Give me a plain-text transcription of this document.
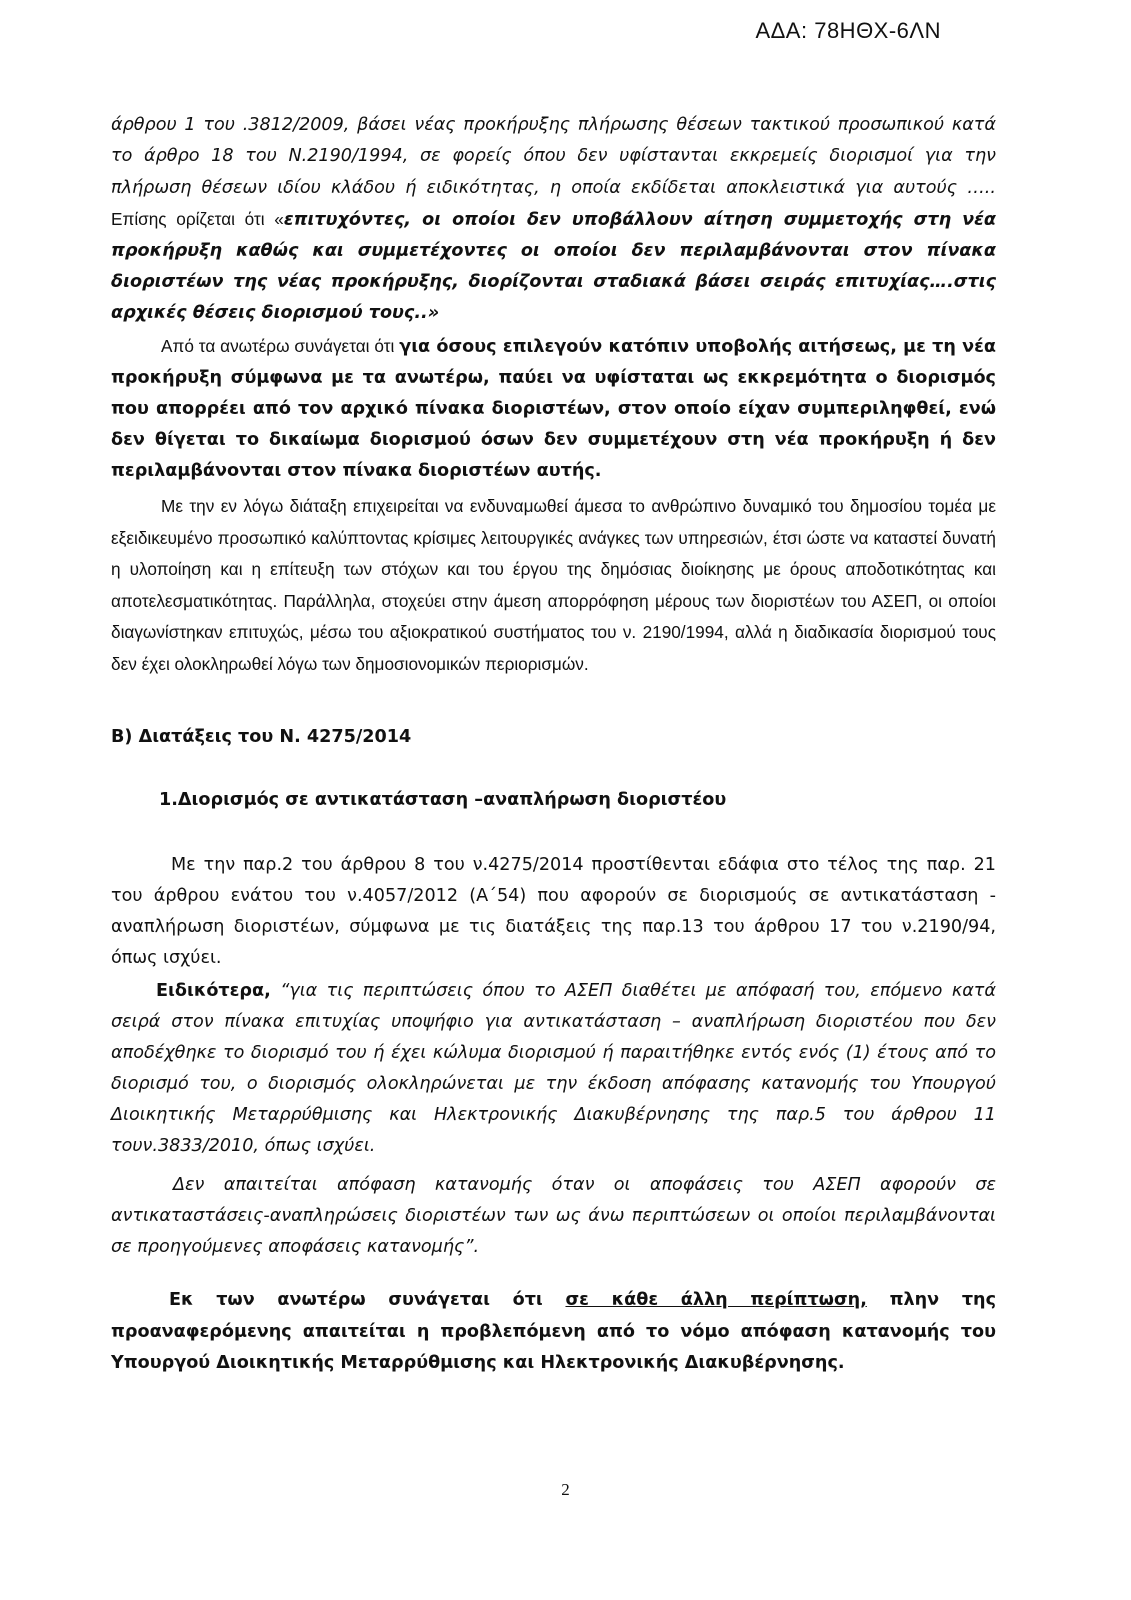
ΑΔΑ: 78ΗΘΧ-6ΛΝ

άρθρου 1 του .3812/2009, βάσει νέας προκήρυξης πλήρωσης θέσεων τακτικού προσωπικού κατά το άρθρο 18 του Ν.2190/1994, σε φορείς όπου δεν υφίστανται εκκρεμείς διορισμοί για την πλήρωση θέσεων ιδίου κλάδου ή ειδικότητας, η οποία εκδίδεται αποκλειστικά για αυτούς ….. Επίσης ορίζεται ότι «επιτυχόντες, οι οποίοι δεν υποβάλλουν αίτηση συμμετοχής στη νέα προκήρυξη καθώς και συμμετέχοντες οι οποίοι δεν περιλαμβάνονται στον πίνακα διοριστέων της νέας προκήρυξης, διορίζονται σταδιακά βάσει σειράς επιτυχίας….στις αρχικές θέσεις διορισμού τους..»

Από τα ανωτέρω συνάγεται ότι για όσους επιλεγούν κατόπιν υποβολής αιτήσεως, με τη νέα προκήρυξη σύμφωνα με τα ανωτέρω, παύει να υφίσταται ως εκκρεμότητα ο διορισμός που απορρέει από τον αρχικό πίνακα διοριστέων, στον οποίο είχαν συμπεριληφθεί, ενώ δεν θίγεται το δικαίωμα διορισμού όσων δεν συμμετέχουν στη νέα προκήρυξη ή δεν περιλαμβάνονται στον πίνακα διοριστέων αυτής.

Με την εν λόγω διάταξη επιχειρείται να ενδυναμωθεί άμεσα το ανθρώπινο δυναμικό του δημοσίου τομέα με εξειδικευμένο προσωπικό καλύπτοντας κρίσιμες λειτουργικές ανάγκες των υπηρεσιών, έτσι ώστε να καταστεί δυνατή η υλοποίηση και η επίτευξη των στόχων και του έργου της δημόσιας διοίκησης με όρους αποδοτικότητας και αποτελεσματικότητας. Παράλληλα, στοχεύει στην άμεση απορρόφηση μέρους των διοριστέων του ΑΣΕΠ, οι οποίοι διαγωνίστηκαν επιτυχώς, μέσω του αξιοκρατικού συστήματος του ν. 2190/1994, αλλά η διαδικασία διορισμού τους δεν έχει ολοκληρωθεί λόγω των δημοσιονομικών περιορισμών.

Β) Διατάξεις του Ν. 4275/2014
1.Διορισμός σε αντικατάσταση –αναπλήρωση διοριστέου

Με την παρ.2 του άρθρου 8 του ν.4275/2014 προστίθενται εδάφια στο τέλος της παρ. 21 του άρθρου ενάτου του ν.4057/2012 (Α΄54) που αφορούν σε διορισμούς σε αντικατάσταση - αναπλήρωση διοριστέων, σύμφωνα με τις διατάξεις της παρ.13 του άρθρου 17 του ν.2190/94, όπως ισχύει.

Ειδικότερα, “για τις περιπτώσεις όπου το ΑΣΕΠ διαθέτει με απόφασή του, επόμενο κατά σειρά στον πίνακα επιτυχίας υποψήφιο για αντικατάσταση – αναπλήρωση διοριστέου που δεν αποδέχθηκε το διορισμό του ή έχει κώλυμα διορισμού ή παραιτήθηκε εντός ενός (1) έτους από το διορισμό του, ο διορισμός ολοκληρώνεται με την έκδοση απόφασης κατανομής του Υπουργού Διοικητικής Μεταρρύθμισης και Ηλεκτρονικής Διακυβέρνησης της παρ.5 του άρθρου 11 τουν.3833/2010, όπως ισχύει.

Δεν απαιτείται απόφαση κατανομής όταν οι αποφάσεις του ΑΣΕΠ αφορούν σε αντικαταστάσεις-αναπληρώσεις διοριστέων των ως άνω περιπτώσεων οι οποίοι περιλαμβάνονται σε προηγούμενες αποφάσεις κατανομής”.

Εκ των ανωτέρω συνάγεται ότι σε κάθε άλλη περίπτωση, πλην της προαναφερόμενης απαιτείται η προβλεπόμενη από το νόμο απόφαση κατανομής του Υπουργού Διοικητικής Μεταρρύθμισης και Ηλεκτρονικής Διακυβέρνησης.

2
